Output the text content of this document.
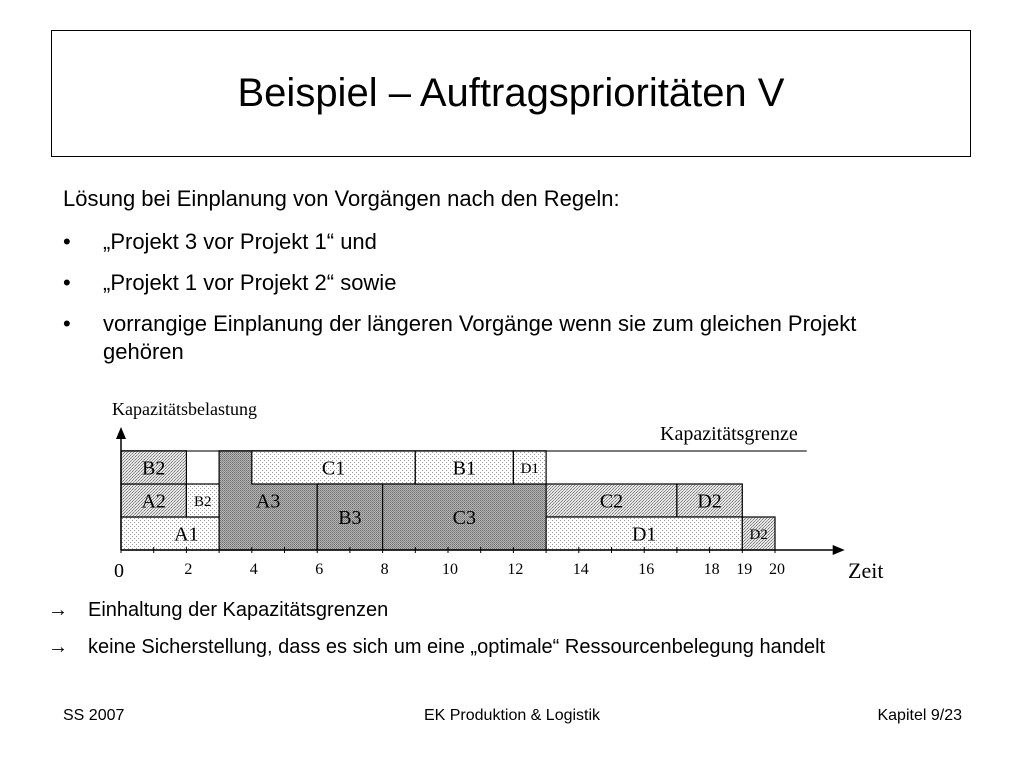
Beispiel – Auftragsprioritäten V
Lösung bei Einplanung von Vorgängen nach den Regeln:
• „Projekt 3 vor Projekt 1“ und
• „Projekt 1 vor Projekt 2“ sowie
• vorrangige Einplanung der längeren Vorgänge wenn sie zum gleichen Projekt gehören
Kapazitätsbelastung
Kapazitätsgrenze
Zeit
A1
A2 B2
B2
A3
C1
B3	C3
B1	D1
C2	D2
D1	D2
0	2	4	6	8	10	12	14	16	18 19 20
→ Einhaltung der Kapazitätsgrenzen
→ keine Sicherstellung, dass es sich um eine „optimale“ Ressourcenbelegung handelt
SS 2007	EK Produktion & Logistik	Kapitel 9/23
